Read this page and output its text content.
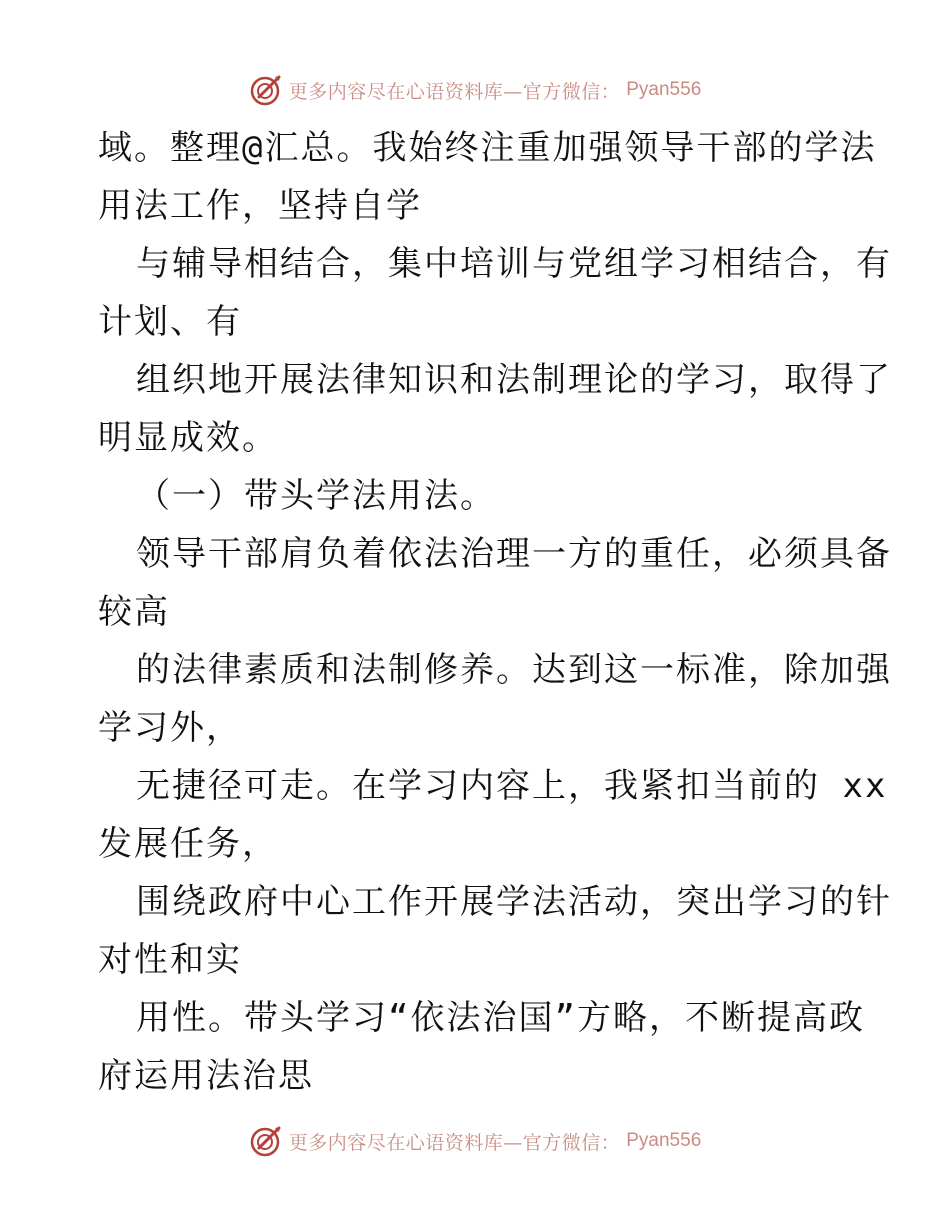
更多内容尽在心语资料库—官方微信： Pyan556
域。整理@汇总。我始终注重加强领导干部的学法
用法工作，坚持自学
与辅导相结合，集中培训与党组学习相结合，有
计划、有
组织地开展法律知识和法制理论的学习，取得了
明显成效。
（一）带头学法用法。
领导干部肩负着依法治理一方的重任，必须具备
较高
的法律素质和法制修养。达到这一标准，除加强
学习外，
无捷径可走。在学习内容上，我紧扣当前的 xx
发展任务，
围绕政府中心工作开展学法活动，突出学习的针
对性和实
用性。带头学习“依法治国”方略，不断提高政
府运用法治思
更多内容尽在心语资料库—官方微信： Pyan556
